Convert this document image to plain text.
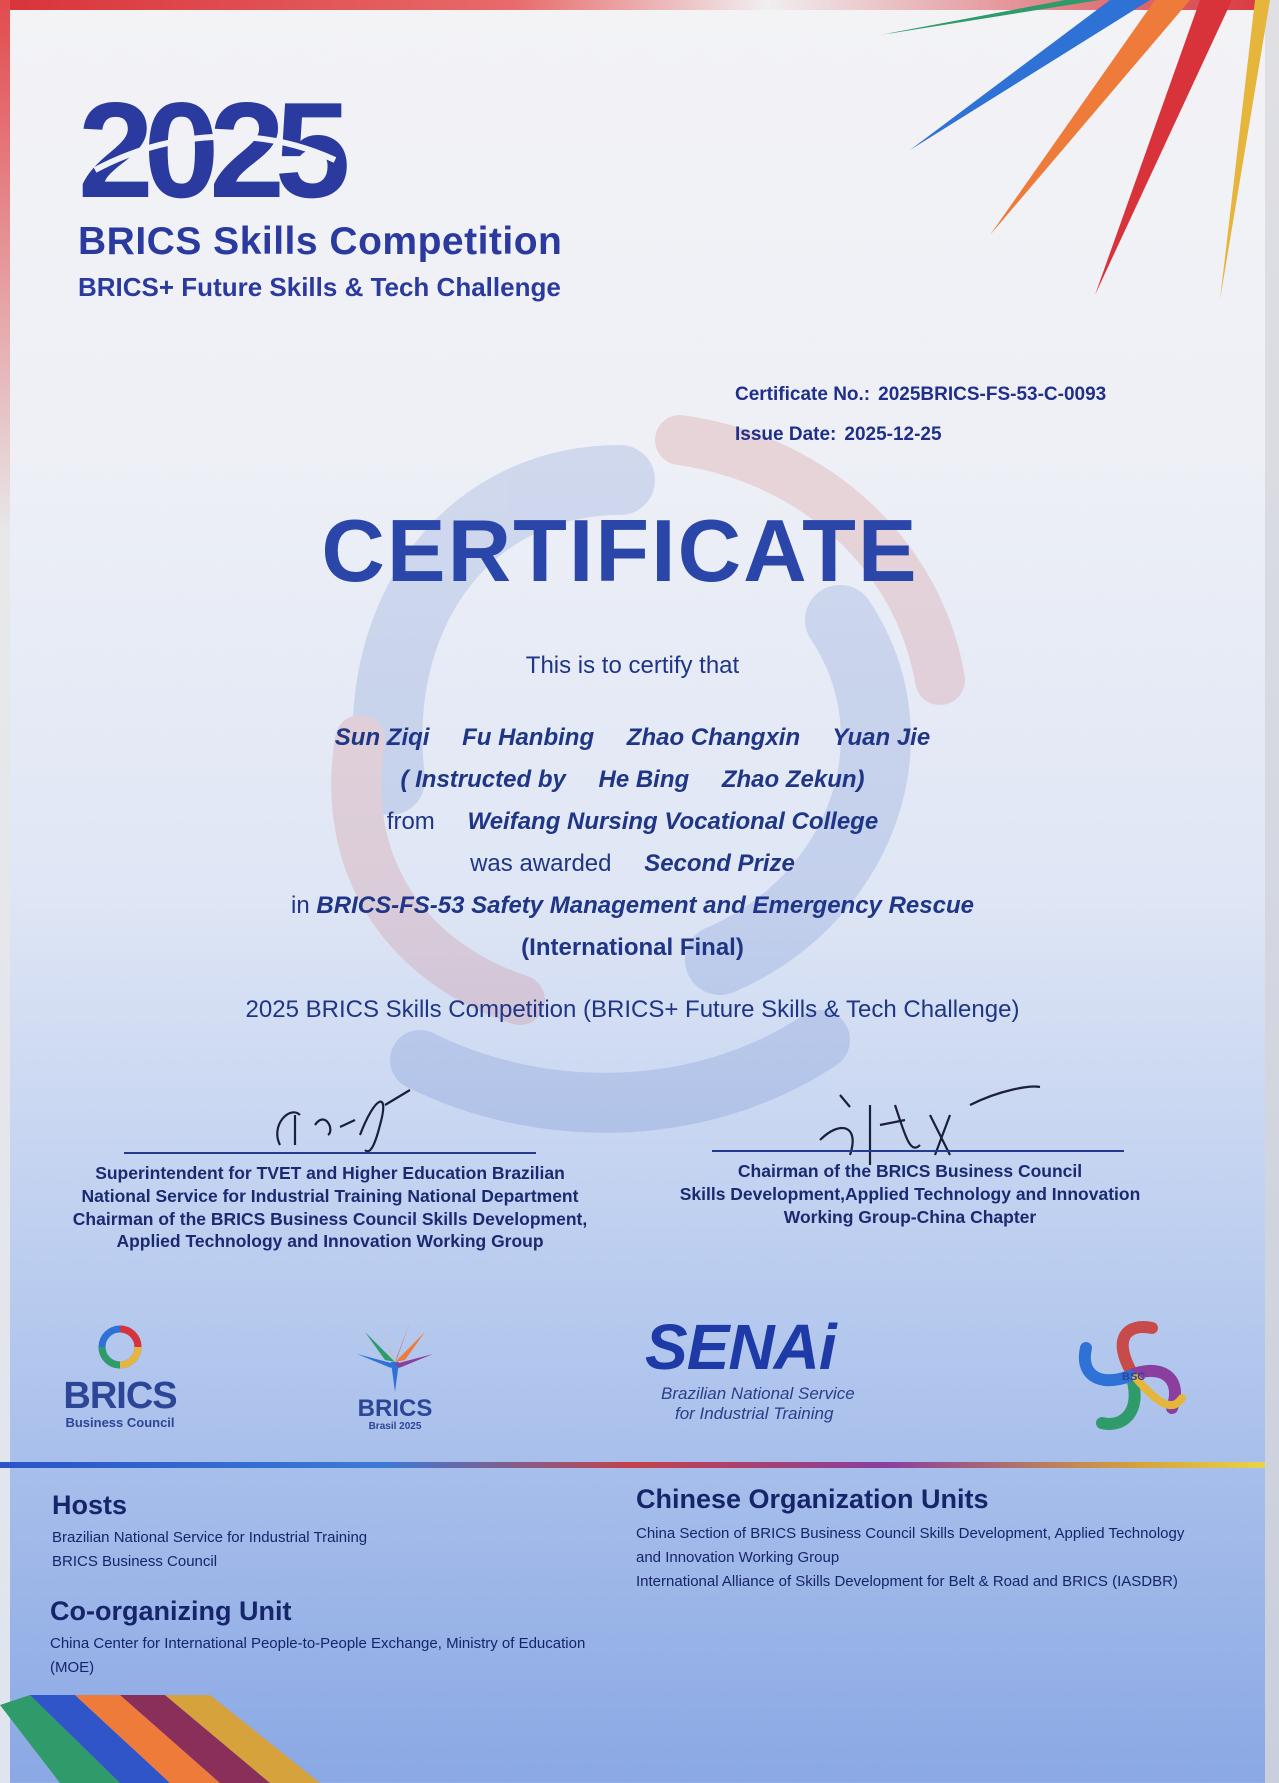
2025
BRICS Skills Competition
BRICS+ Future Skills & Tech Challenge
Certificate No.: 2025BRICS-FS-53-C-0093
Issue Date: 2025-12-25
CERTIFICATE
This is to certify that
Sun Ziqi Fu Hanbing Zhao Changxin Yuan Jie
( Instructed by He Bing Zhao Zekun)
from Weifang Nursing Vocational College
was awarded Second Prize
in BRICS-FS-53 Safety Management and Emergency Rescue
(International Final)
2025 BRICS Skills Competition (BRICS+ Future Skills & Tech Challenge)
Superintendent for TVET and Higher Education Brazilian
National Service for Industrial Training National Department
Chairman of the BRICS Business Council Skills Development,
Applied Technology and Innovation Working Group
Chairman of the BRICS Business Council
Skills Development,Applied Technology and Innovation
Working Group-China Chapter
BRICS
Business Council
BRICS
Brasil 2025
SENAi
Brazilian National Service
for Industrial Training
BSC
Hosts
Brazilian National Service for Industrial Training
BRICS Business Council
Co-organizing Unit
China Center for International People-to-People Exchange, Ministry of Education
(MOE)
Chinese Organization Units
China Section of BRICS Business Council Skills Development, Applied Technology
and Innovation Working Group
International Alliance of Skills Development for Belt & Road and BRICS (IASDBR)
